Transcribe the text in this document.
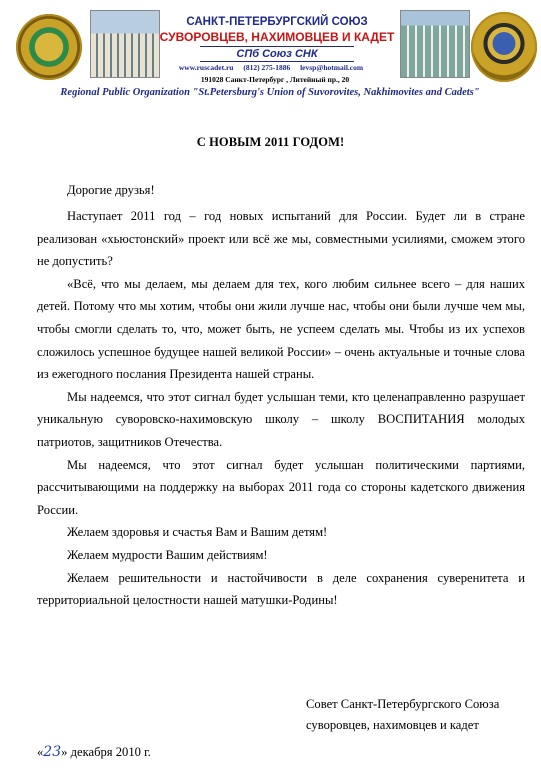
САНКТ-ПЕТЕРБУРГСКИЙ СОЮЗ
СУВОРОВЦЕВ, НАХИМОВЦЕВ И КАДЕТ
СПб Союз СНК
www.ruscadet.ru (812) 275-1886 levsp@hotmail.com
191028 Санкт-Петербург , Литейный пр., 20
Regional Public Organization "St.Petersburg's Union of Suvorovites, Nakhimovites and Cadets"
С НОВЫМ 2011 ГОДОМ!
Дорогие друзья!

Наступает 2011 год – год новых испытаний для России. Будет ли в стране реализован «хьюстонский» проект или всё же мы, совместными усилиями, сможем этого не допустить?

«Всё, что мы делаем, мы делаем для тех, кого любим сильнее всего – для наших детей. Потому что мы хотим, чтобы они жили лучше нас, чтобы они были лучше чем мы, чтобы смогли сделать то, что, может быть, не успеем сделать мы. Чтобы из их успехов сложилось успешное будущее нашей великой России» – очень актуальные и точные слова из ежегодного послания Президента нашей страны.

Мы надеемся, что этот сигнал будет услышан теми, кто целенаправленно разрушает уникальную суворовско-нахимовскую школу – школу ВОСПИТАНИЯ молодых патриотов, защитников Отечества.

Мы надеемся, что этот сигнал будет услышан политическими партиями, рассчитывающими на поддержку на выборах 2011 года со стороны кадетского движения России.

Желаем здоровья и счастья Вам и Вашим детям!

Желаем мудрости Вашим действиям!

Желаем решительности и настойчивости в деле сохранения суверенитета и территориальной целостности нашей матушки-Родины!

Совет Санкт-Петербургского Союза
суворовцев, нахимовцев и кадет
«23» декабря 2010 г.
